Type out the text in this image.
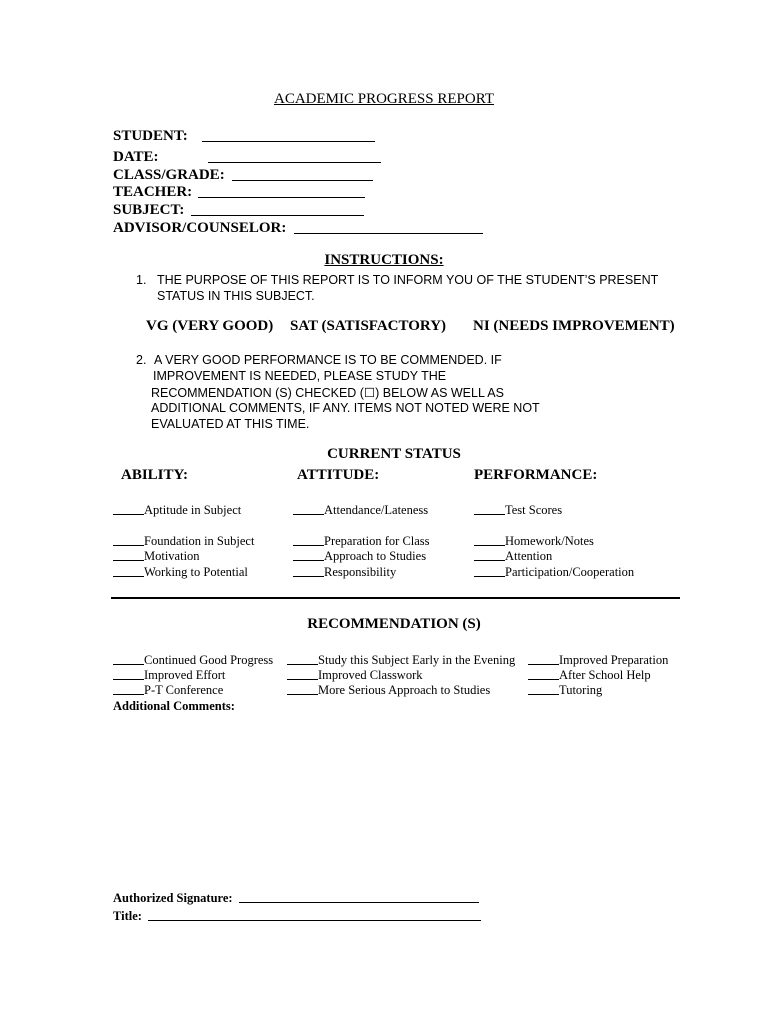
ACADEMIC PROGRESS REPORT
STUDENT:
DATE:
CLASS/GRADE:
TEACHER:
SUBJECT:
ADVISOR/COUNSELOR:
INSTRUCTIONS:
1. THE PURPOSE OF THIS REPORT IS TO INFORM YOU OF THE STUDENT’S PRESENT
STATUS IN THIS SUBJECT.
VG (VERY GOOD) SAT (SATISFACTORY) NI (NEEDS IMPROVEMENT)
2. A VERY GOOD PERFORMANCE IS TO BE COMMENDED. IF
IMPROVEMENT IS NEEDED, PLEASE STUDY THE
RECOMMENDATION (S) CHECKED (☐) BELOW AS WELL AS
ADDITIONAL COMMENTS, IF ANY. ITEMS NOT NOTED WERE NOT
EVALUATED AT THIS TIME.
CURRENT STATUS
ABILITY:	ATTITUDE:	PERFORMANCE:
Aptitude in Subject
Foundation in Subject
Motivation
Working to Potential
Attendance/Lateness
Preparation for Class
Approach to Studies
Responsibility
Test Scores
Homework/Notes
Attention
Participation/Cooperation
RECOMMENDATION (S)
Continued Good Progress
Improved Effort
P-T Conference
Study this Subject Early in the Evening
Improved Classwork
More Serious Approach to Studies
Improved Preparation
After School Help
Tutoring
Additional Comments:
Authorized Signature:
Title:
